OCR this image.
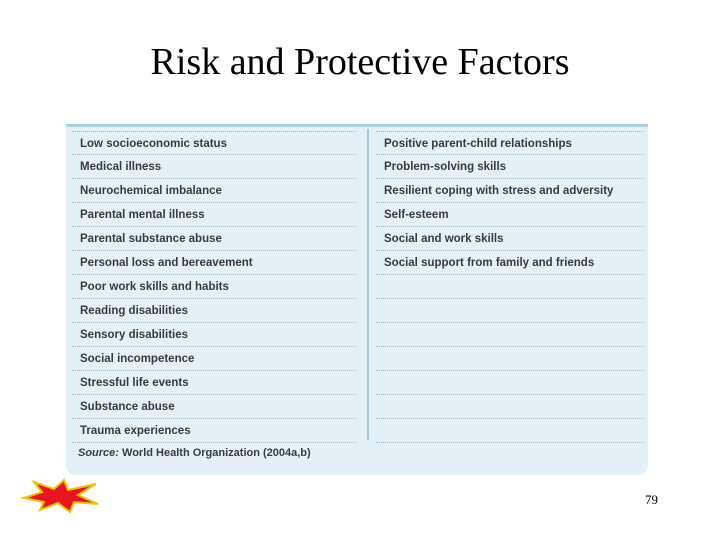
Risk and Protective Factors
Low socioeconomic status
Medical illness
Neurochemical imbalance
Parental mental illness
Parental substance abuse
Personal loss and bereavement
Poor work skills and habits
Reading disabilities
Sensory disabilities
Social incompetence
Stressful life events
Substance abuse
Trauma experiences
Positive parent-child relationships
Problem-solving skills
Resilient coping with stress and adversity
Self-esteem
Social and work skills
Social support from family and friends
Source: World Health Organization (2004a,b)
79
